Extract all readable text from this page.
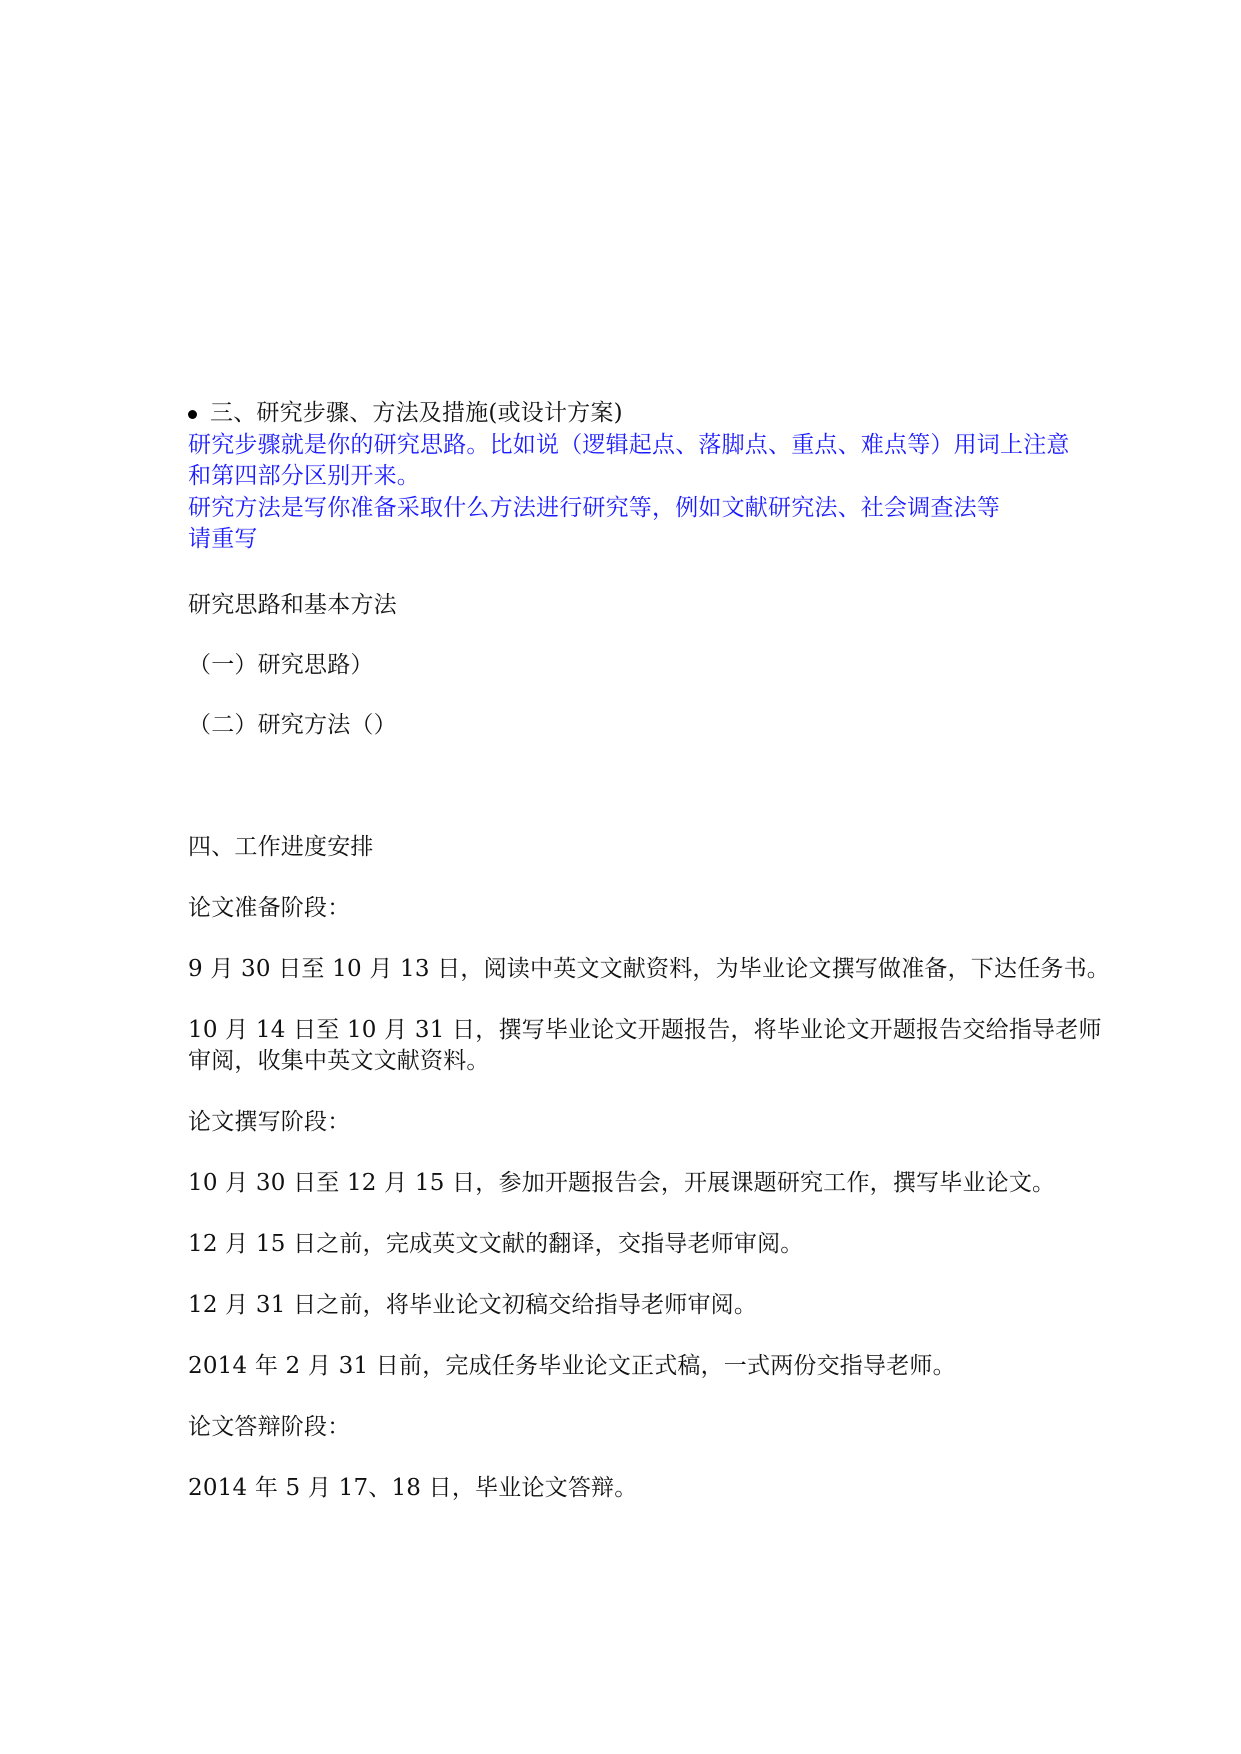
三、研究步骤、方法及措施(或设计方案)
研究步骤就是你的研究思路。比如说（逻辑起点、落脚点、重点、难点等）用词上注意
和第四部分区别开来。
研究方法是写你准备采取什么方法进行研究等，例如文献研究法、社会调查法等
请重写
研究思路和基本方法
（一）研究思路）
（二）研究方法（）
四、工作进度安排
论文准备阶段：
9 月 30 日至 10 月 13 日，阅读中英文文献资料，为毕业论文撰写做准备，下达任务书。
10 月 14 日至 10 月 31 日，撰写毕业论文开题报告，将毕业论文开题报告交给指导老师
审阅，收集中英文文献资料。
论文撰写阶段：
10 月 30 日至 12 月 15 日，参加开题报告会，开展课题研究工作，撰写毕业论文。
12 月 15 日之前，完成英文文献的翻译，交指导老师审阅。
12 月 31 日之前，将毕业论文初稿交给指导老师审阅。
2014 年 2 月 31 日前，完成任务毕业论文正式稿，一式两份交指导老师。
论文答辩阶段：
2014 年 5 月 17、18 日，毕业论文答辩。
